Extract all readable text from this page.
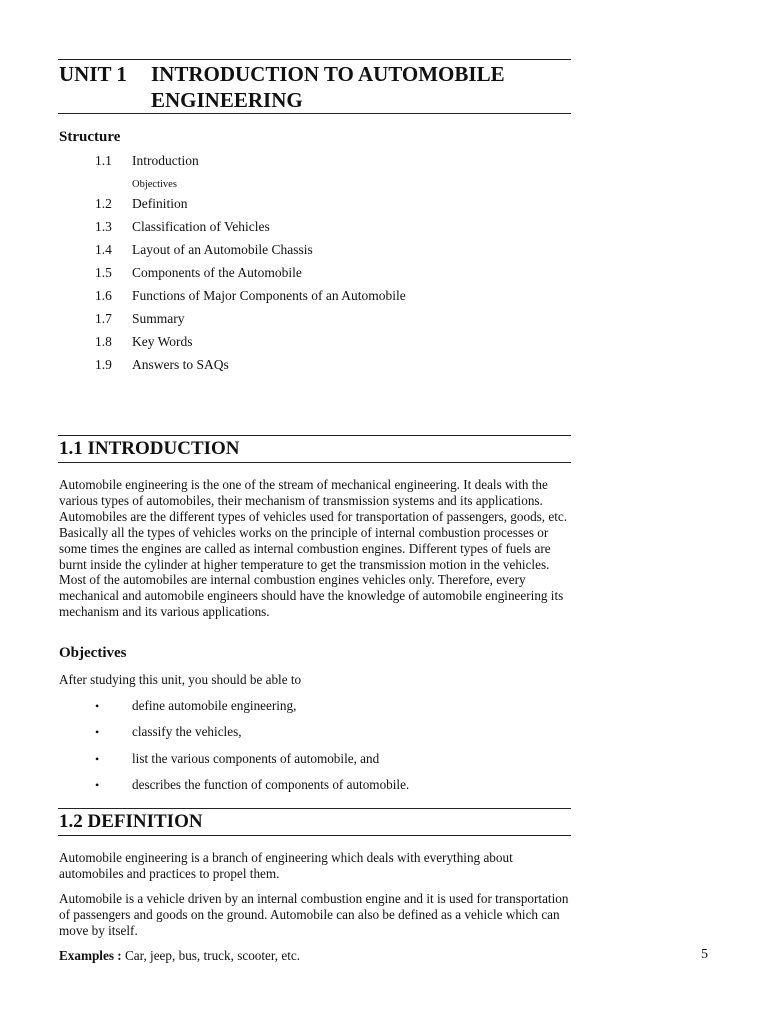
UNIT 1 INTRODUCTION TO AUTOMOBILE
ENGINEERING
Structure
1.1 Introduction
Objectives
1.2 Definition
1.3 Classification of Vehicles
1.4 Layout of an Automobile Chassis
1.5 Components of the Automobile
1.6 Functions of Major Components of an Automobile
1.7 Summary
1.8 Key Words
1.9 Answers to SAQs
1.1 INTRODUCTION

Automobile engineering is the one of the stream of mechanical engineering. It deals with the various types of automobiles, their mechanism of transmission systems and its applications. Automobiles are the different types of vehicles used for transportation of passengers, goods, etc. Basically all the types of vehicles works on the principle of internal combustion processes or some times the engines are called as internal combustion engines. Different types of fuels are burnt inside the cylinder at higher temperature to get the transmission motion in the vehicles. Most of the automobiles are internal combustion engines vehicles only. Therefore, every mechanical and automobile engineers should have the knowledge of automobile engineering its mechanism and its various applications.

Objectives

After studying this unit, you should be able to

• define automobile engineering,
• classify the vehicles,
• list the various components of automobile, and
• describes the function of components of automobile.
1.2 DEFINITION

Automobile engineering is a branch of engineering which deals with everything about automobiles and practices to propel them.

Automobile is a vehicle driven by an internal combustion engine and it is used for transportation of passengers and goods on the ground. Automobile can also be defined as a vehicle which can move by itself.

Examples : Car, jeep, bus, truck, scooter, etc.	5
